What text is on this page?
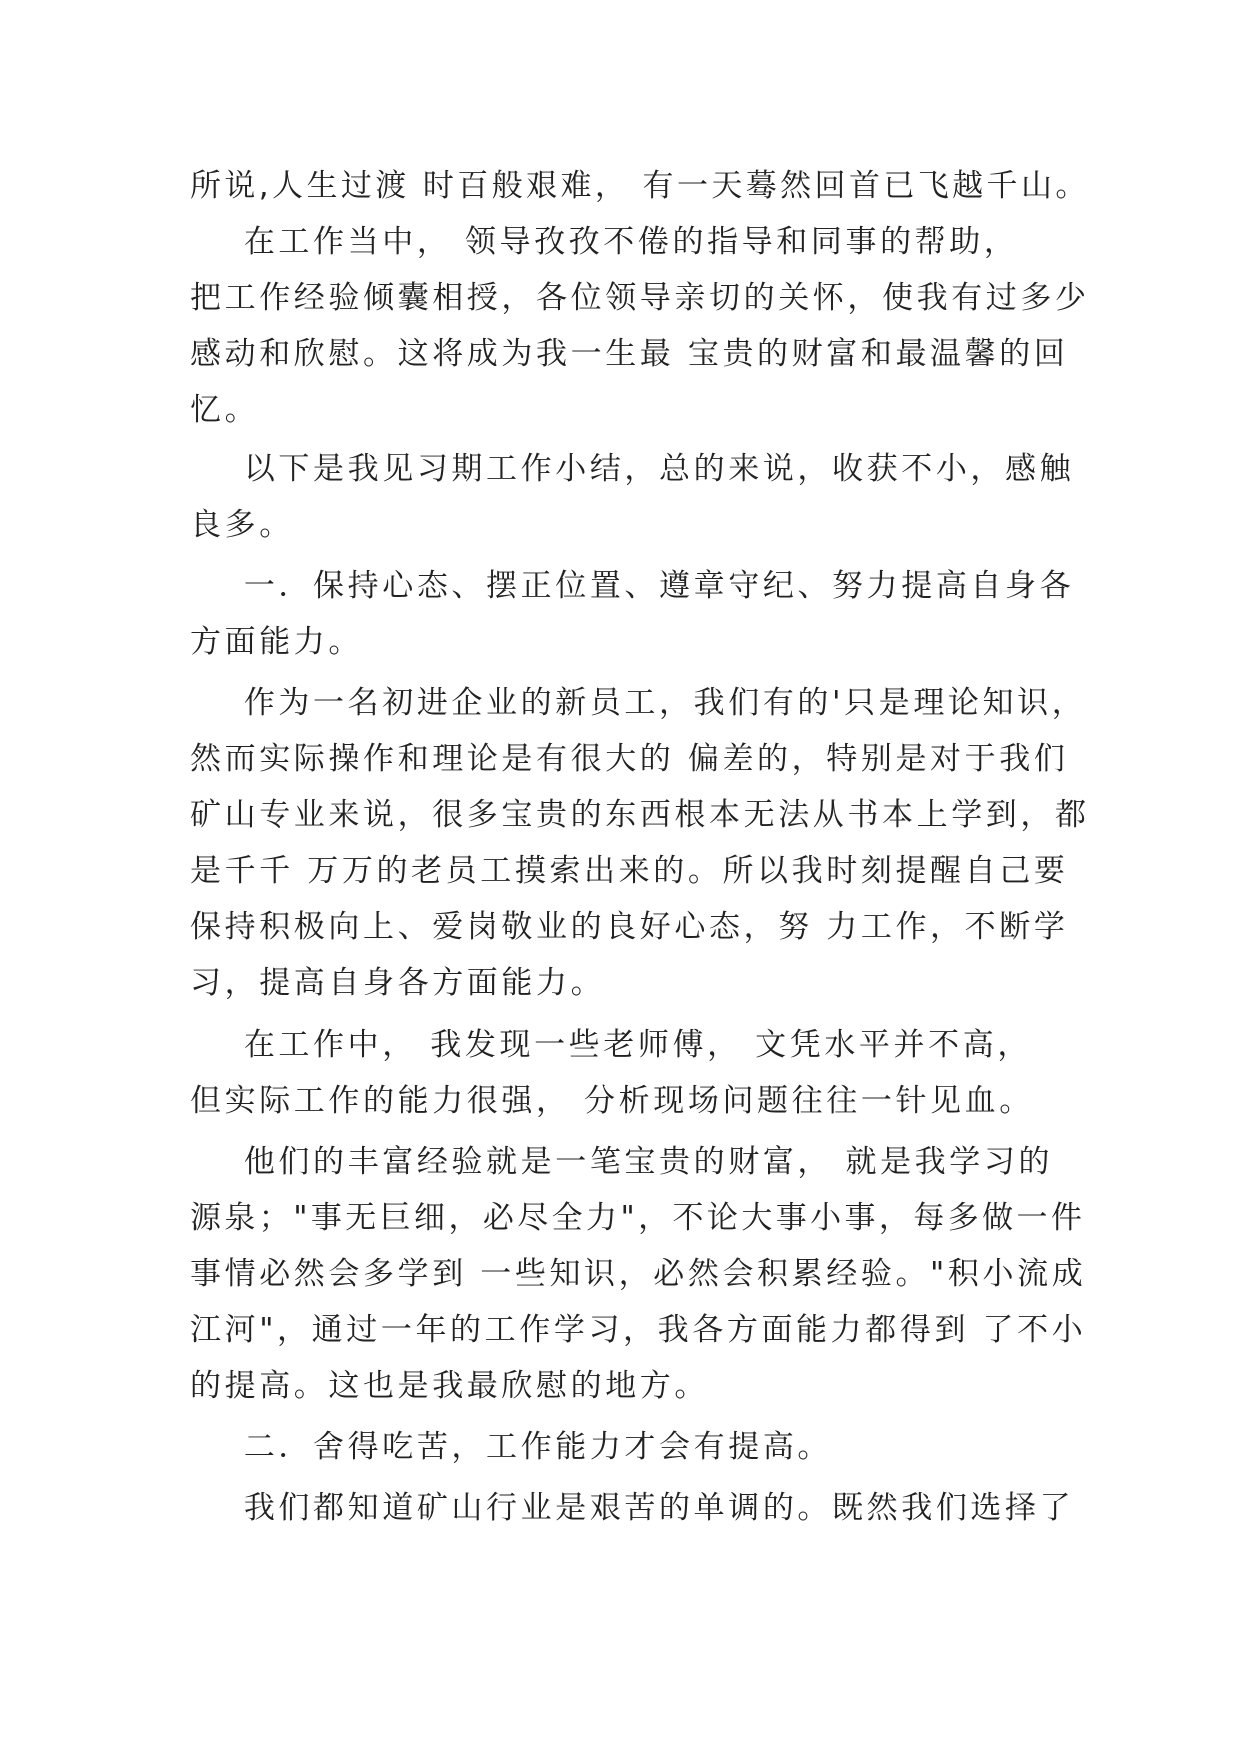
所说,人生过渡 时百般艰难， 有一天蓦然回首已飞越千山。
在工作当中， 领导孜孜不倦的指导和同事的帮助，
把工作经验倾囊相授，各位领导亲切的关怀，使我有过多少
感动和欣慰。这将成为我一生最 宝贵的财富和最温馨的回
忆。
以下是我见习期工作小结，总的来说，收获不小，感触
良多。
一．保持心态、摆正位置、遵章守纪、努力提高自身各
方面能力。
作为一名初进企业的新员工，我们有的'只是理论知识，
然而实际操作和理论是有很大的 偏差的，特别是对于我们
矿山专业来说，很多宝贵的东西根本无法从书本上学到，都
是千千 万万的老员工摸索出来的。所以我时刻提醒自己要
保持积极向上、爱岗敬业的良好心态，努 力工作，不断学
习，提高自身各方面能力。
在工作中， 我发现一些老师傅， 文凭水平并不高，
但实际工作的能力很强， 分析现场问题往往一针见血。
他们的丰富经验就是一笔宝贵的财富， 就是我学习的
源泉；"事无巨细，必尽全力"，不论大事小事，每多做一件
事情必然会多学到 一些知识，必然会积累经验。"积小流成
江河"，通过一年的工作学习，我各方面能力都得到 了不小
的提高。这也是我最欣慰的地方。
二．舍得吃苦，工作能力才会有提高。
我们都知道矿山行业是艰苦的单调的。既然我们选择了
